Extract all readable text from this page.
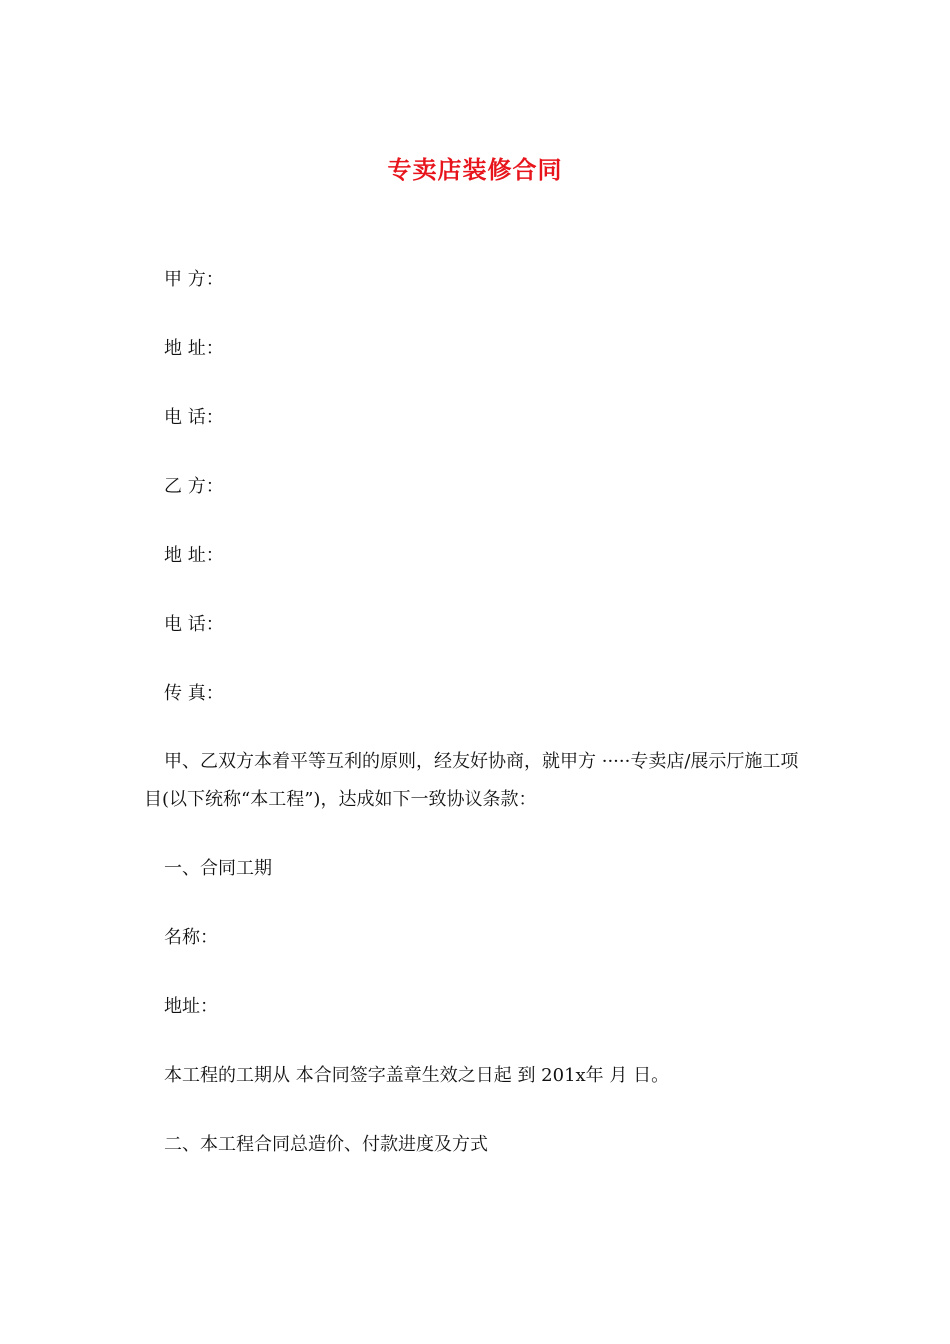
专卖店装修合同
甲 方：
地 址：
电 话：
乙 方：
地 址：
电 话：
传 真：
甲、乙双方本着平等互利的原则，经友好协商，就甲方 ·····专卖店/展示厅施工项目(以下统称“本工程”)，达成如下一致协议条款：
一、合同工期
名称：
地址：
本工程的工期从 本合同签字盖章生效之日起 到 201x年 月 日。
二、本工程合同总造价、付款进度及方式
